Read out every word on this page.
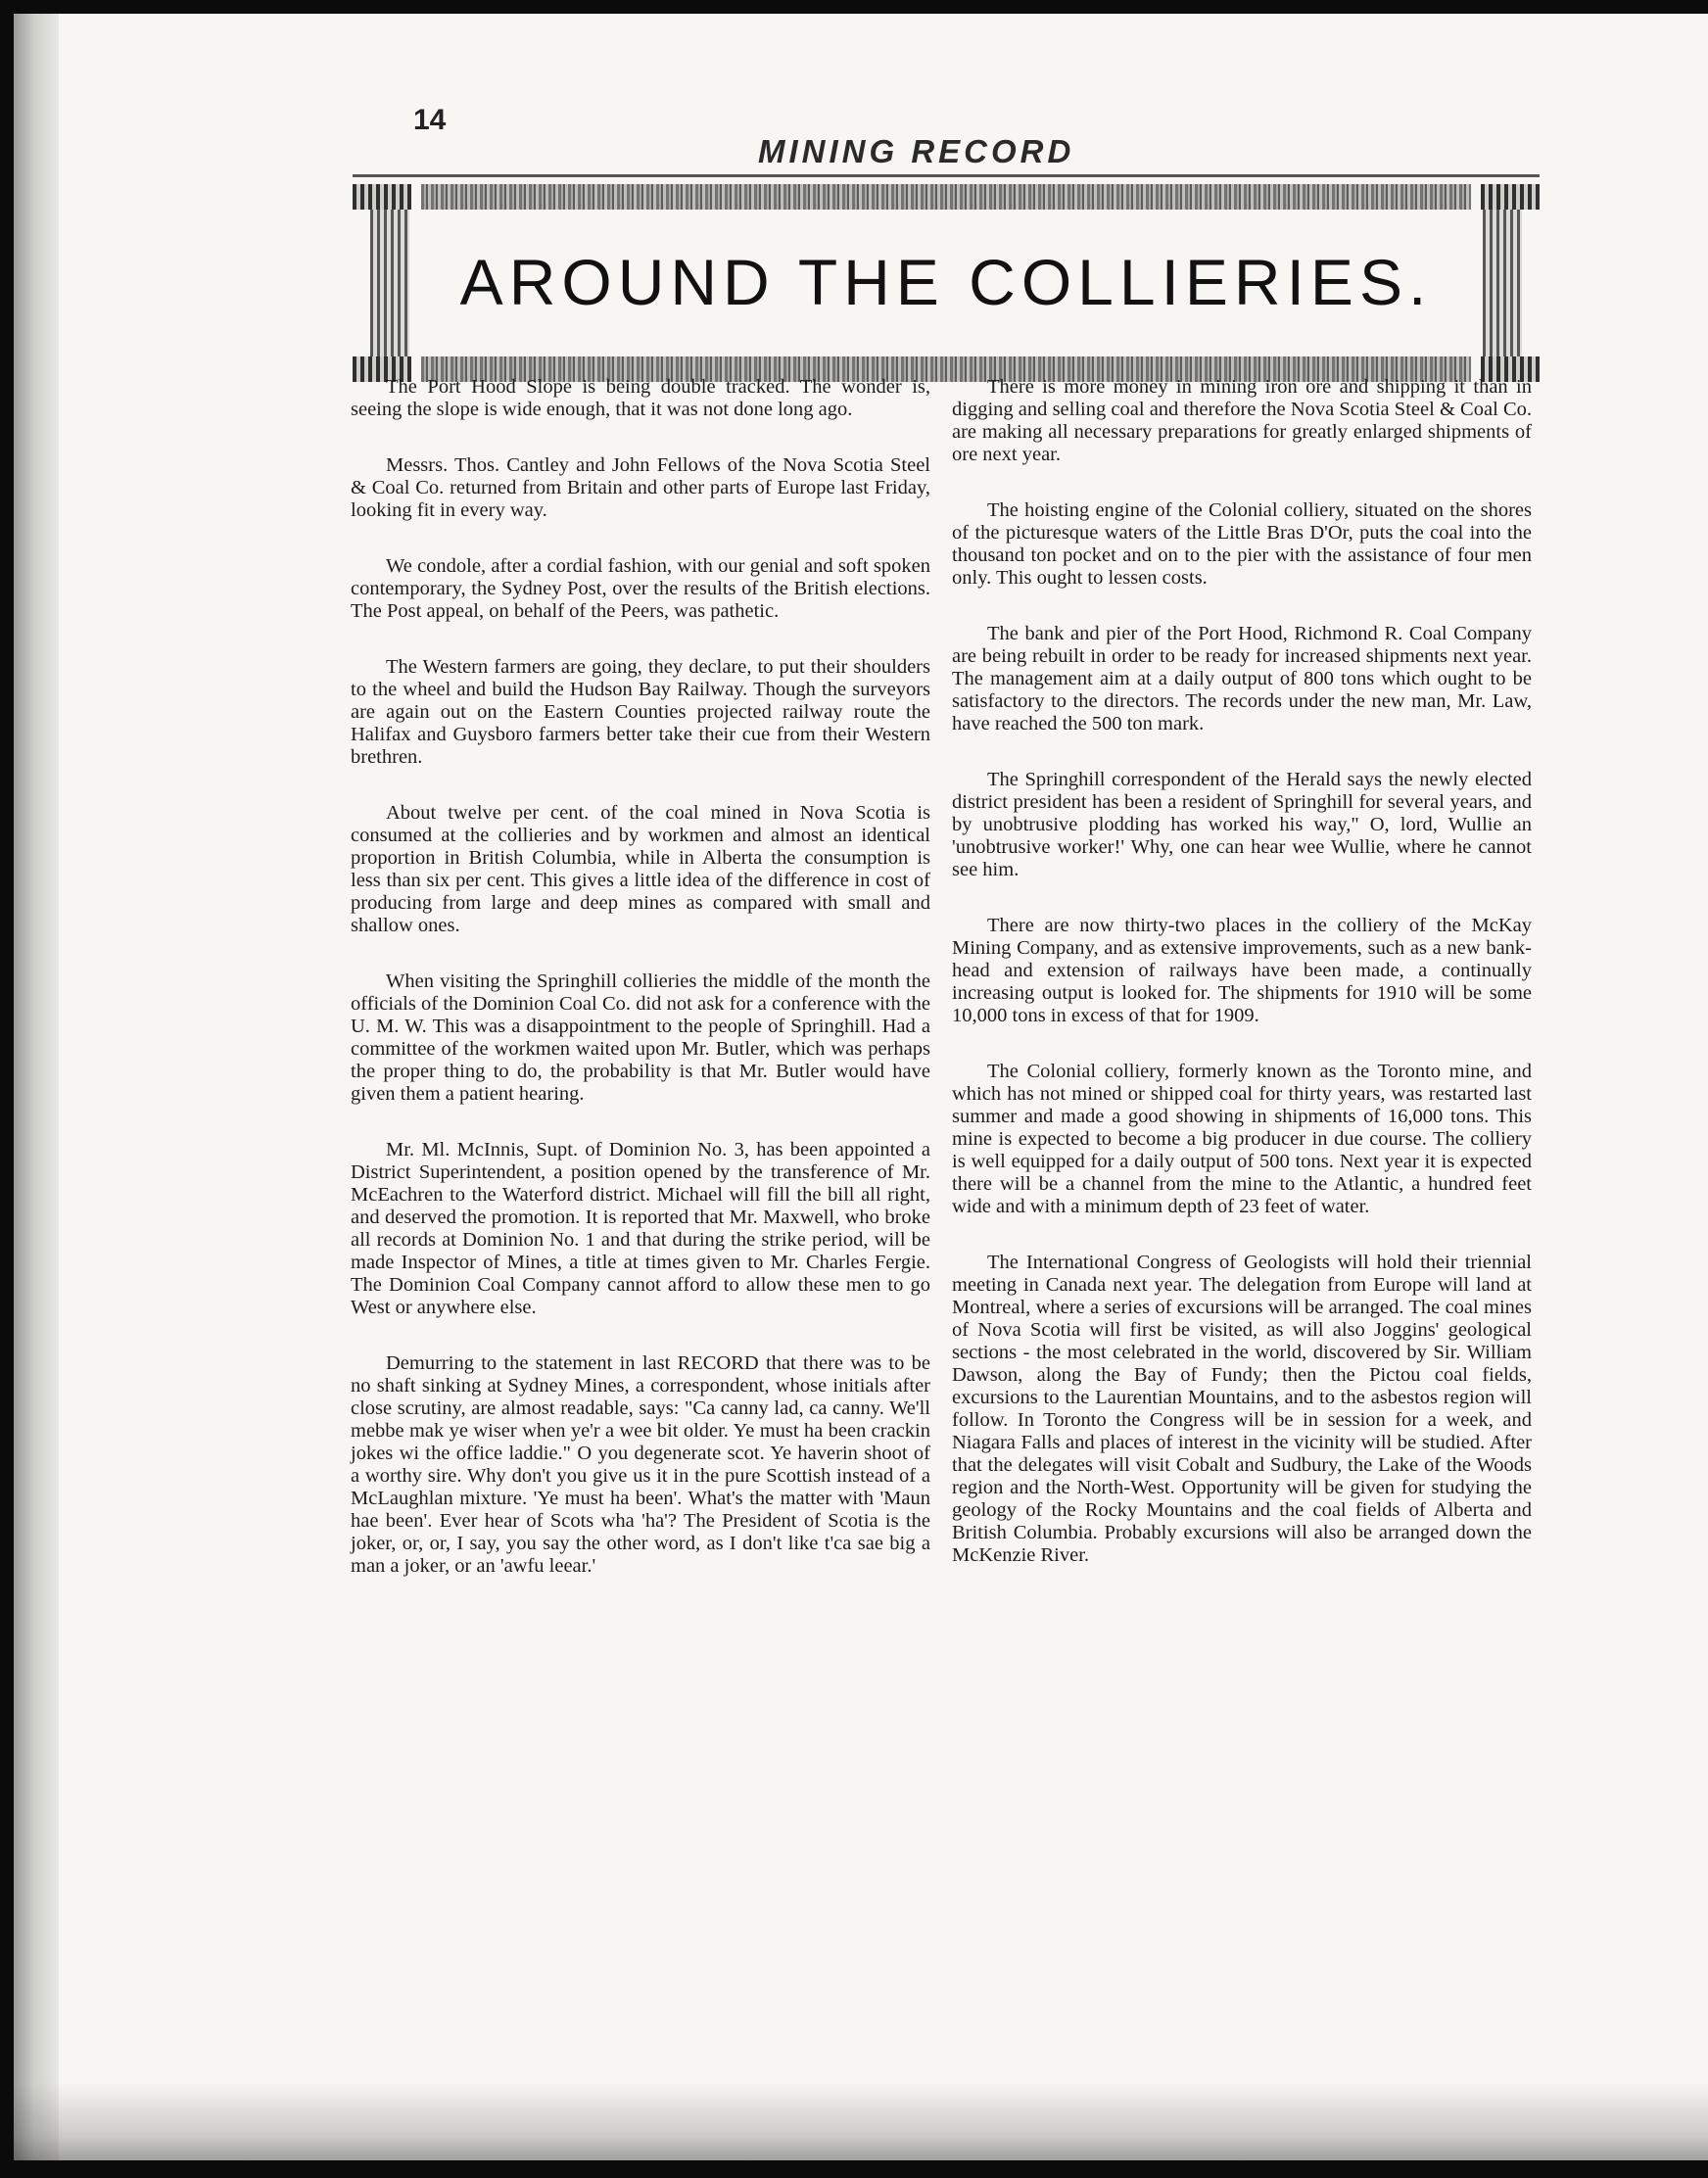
14
MINING RECORD
AROUND THE COLLIERIES.

The Port Hood Slope is being double tracked. The wonder is, seeing the slope is wide enough, that it was not done long ago.

Messrs. Thos. Cantley and John Fellows of the Nova Scotia Steel & Coal Co. returned from Britain and other parts of Europe last Friday, looking fit in every way.

We condole, after a cordial fashion, with our genial and soft spoken contemporary, the Sydney Post, over the results of the British elections. The Post appeal, on behalf of the Peers, was pathetic.

The Western farmers are going, they declare, to put their shoulders to the wheel and build the Hudson Bay Railway. Though the surveyors are again out on the Eastern Counties projected railway route the Halifax and Guysboro farmers better take their cue from their Western brethren.

About twelve per cent. of the coal mined in Nova Scotia is consumed at the collieries and by workmen and almost an identical proportion in British Columbia, while in Alberta the consumption is less than six per cent. This gives a little idea of the difference in cost of producing from large and deep mines as compared with small and shallow ones.

When visiting the Springhill collieries the middle of the month the officials of the Dominion Coal Co. did not ask for a conference with the U. M. W. This was a disappointment to the people of Springhill. Had a committee of the workmen waited upon Mr. Butler, which was perhaps the proper thing to do, the probability is that Mr. Butler would have given them a patient hearing.

Mr. Ml. McInnis, Supt. of Dominion No. 3, has been appointed a District Superintendent, a position opened by the transference of Mr. McEachren to the Waterford district. Michael will fill the bill all right, and deserved the promotion. It is reported that Mr. Maxwell, who broke all records at Dominion No. 1 and that during the strike period, will be made Inspector of Mines, a title at times given to Mr. Charles Fergie. The Dominion Coal Company cannot afford to allow these men to go West or anywhere else.

Demurring to the statement in last RECORD that there was to be no shaft sinking at Sydney Mines, a correspondent, whose initials after close scrutiny, are almost readable, says: "Ca canny lad, ca canny. We'll mebbe mak ye wiser when ye'r a wee bit older. Ye must ha been crackin jokes wi the office laddie." O you degenerate scot. Ye haverin shoot of a worthy sire. Why don't you give us it in the pure Scottish instead of a McLaughlan mixture. 'Ye must ha been'. What's the matter with 'Maun hae been'. Ever hear of Scots wha 'ha'? The President of Scotia is the joker, or, or, I say, you say the other word, as I don't like t'ca sae big a man a joker, or an 'awfu leear.'

There is more money in mining iron ore and shipping it than in digging and selling coal and therefore the Nova Scotia Steel & Coal Co. are making all necessary preparations for greatly enlarged shipments of ore next year.

The hoisting engine of the Colonial colliery, situated on the shores of the picturesque waters of the Little Bras D'Or, puts the coal into the thousand ton pocket and on to the pier with the assistance of four men only. This ought to lessen costs.

The bank and pier of the Port Hood, Richmond R. Coal Company are being rebuilt in order to be ready for increased shipments next year. The management aim at a daily output of 800 tons which ought to be satisfactory to the directors. The records under the new man, Mr. Law, have reached the 500 ton mark.

The Springhill correspondent of the Herald says the newly elected district president has been a resident of Springhill for several years, and by unobtrusive plodding has worked his way," O, lord, Wullie an 'unobtrusive worker!' Why, one can hear wee Wullie, where he cannot see him.

There are now thirty-two places in the colliery of the McKay Mining Company, and as extensive improvements, such as a new bank-head and extension of railways have been made, a continually increasing output is looked for. The shipments for 1910 will be some 10,000 tons in excess of that for 1909.

The Colonial colliery, formerly known as the Toronto mine, and which has not mined or shipped coal for thirty years, was restarted last summer and made a good showing in shipments of 16,000 tons. This mine is expected to become a big producer in due course. The colliery is well equipped for a daily output of 500 tons. Next year it is expected there will be a channel from the mine to the Atlantic, a hundred feet wide and with a minimum depth of 23 feet of water.

The International Congress of Geologists will hold their triennial meeting in Canada next year. The delegation from Europe will land at Montreal, where a series of excursions will be arranged. The coal mines of Nova Scotia will first be visited, as will also Joggins' geological sections - the most celebrated in the world, discovered by Sir. William Dawson, along the Bay of Fundy; then the Pictou coal fields, excursions to the Laurentian Mountains, and to the asbestos region will follow. In Toronto the Congress will be in session for a week, and Niagara Falls and places of interest in the vicinity will be studied. After that the delegates will visit Cobalt and Sudbury, the Lake of the Woods region and the North-West. Opportunity will be given for studying the geology of the Rocky Mountains and the coal fields of Alberta and British Columbia. Probably excursions will also be arranged down the McKenzie River.
